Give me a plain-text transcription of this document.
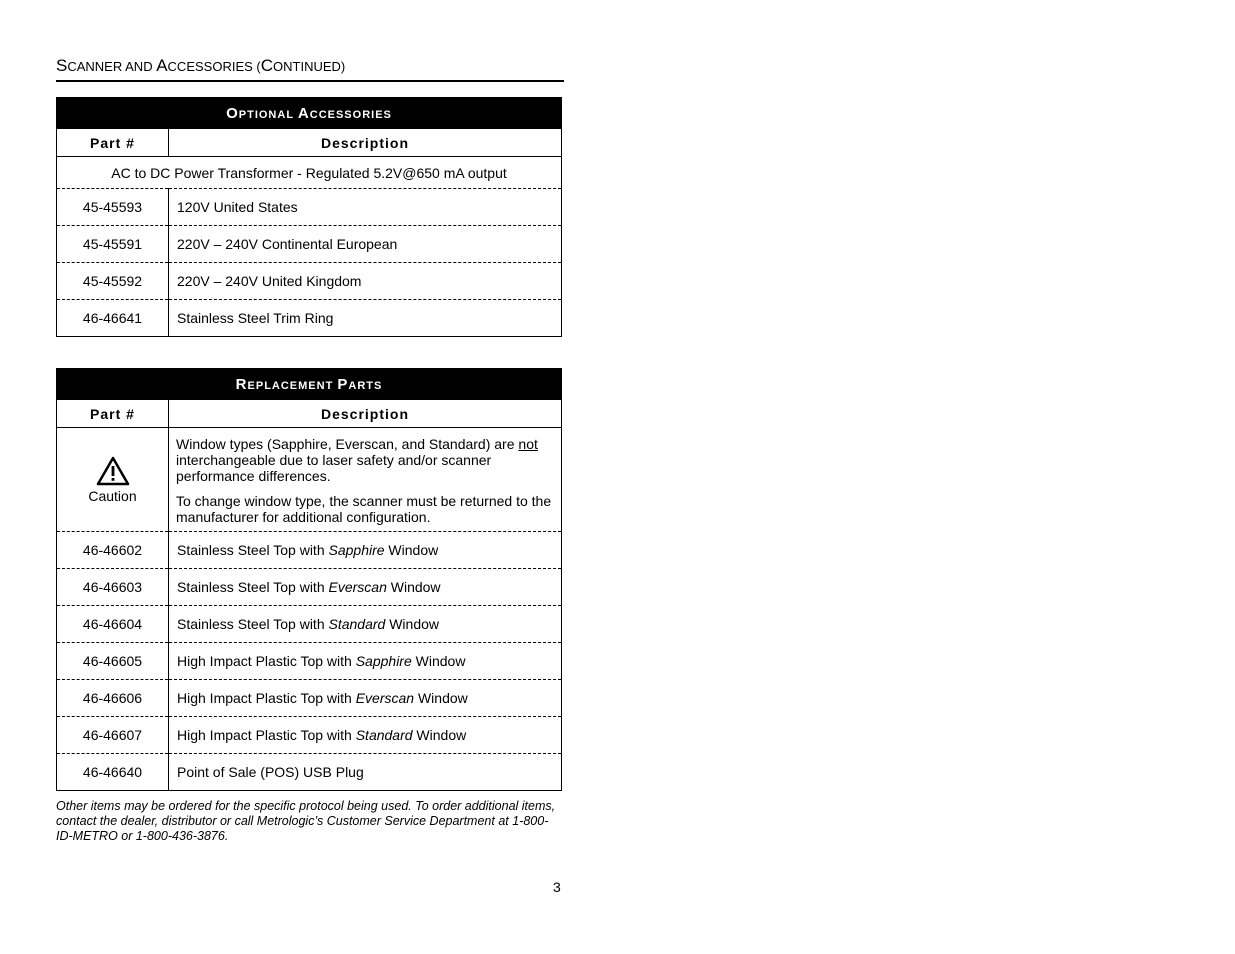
SCANNER AND ACCESSORIES (CONTINUED)
OPTIONAL ACCESSORIES	
Part #	Description
AC to DC Power Transformer - Regulated 5.2V@650 mA output	
45-45593	120V United States
45-45591	220V – 240V Continental European
45-45592	220V – 240V United Kingdom
46-46641	Stainless Steel Trim Ring
REPLACEMENT PARTS	
Part #	Description

Caution	Window types (Sapphire, Everscan, and Standard) are not interchangeable due to laser safety and/or scanner performance differences.

To change window type, the scanner must be returned to the manufacturer for additional configuration.

46-46602	Stainless Steel Top with Sapphire Window
46-46603	Stainless Steel Top with Everscan Window
46-46604	Stainless Steel Top with Standard Window
46-46605	High Impact Plastic Top with Sapphire Window
46-46606	High Impact Plastic Top with Everscan Window
46-46607	High Impact Plastic Top with Standard Window
46-46640	Point of Sale (POS) USB Plug
Other items may be ordered for the specific protocol being used. To order additional items, contact the dealer, distributor or call Metrologic’s Customer Service Department at 1-800-ID-METRO or 1-800-436-3876.
3
